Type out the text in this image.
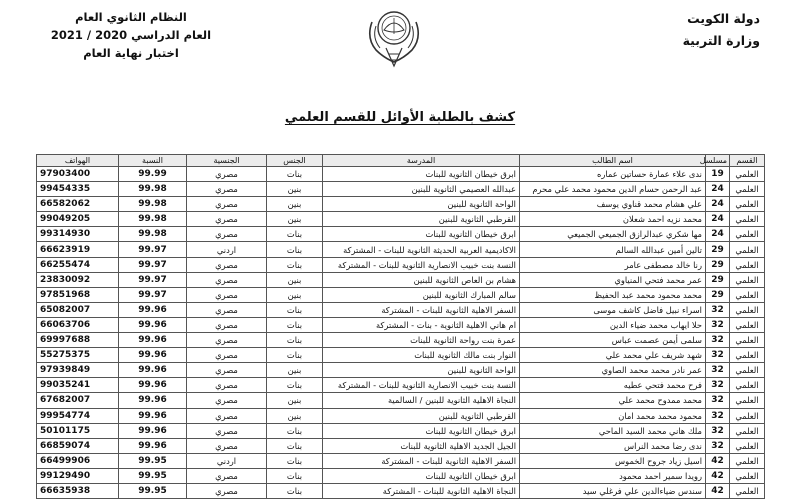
النظام الثانوي العام
العام الدراسي 2020 / 2021
اختبار نهاية العام
دولة الكويت
وزارة التربية
كشف بالطلبة الأوائل للقسم العلمي
القسم	مسلسل	اسم الطالب	المدرسة	الجنس	الجنسية	النسبة	الهواتف
العلمي	19	ندى علاء عمارة حساتين عماره	ابرق خيطان الثانوية للبنات	بنات	مصري	99.99	97903400
العلمي	24	عبد الرحمن حسام الدين محمود محمد علي محرم	عبدالله العصيمي الثانوية للبنين	بنين	مصري	99.98	99454335
العلمي	24	علي هشام محمد قناوي يوسف	الواحة الثانوية للبنين	بنين	مصري	99.98	66582062
العلمي	24	محمد نزيه احمد شعلان	القرطبي الثانوية للبنين	بنين	مصري	99.98	99049205
العلمي	24	مها شكري عبدالرازق الجميعي الجميعي	ابرق خيطان الثانوية للبنات	بنات	مصري	99.98	99314930
العلمي	29	تالين أمين عبدالله السالم	الاكاديمية العربية الحديثة الثانوية للبنات - المشتركة	بنات	اردني	99.97	66623919
العلمي	29	رنا خالد مصطفى عامر	النسة بنت خبيب الانصارية الثانوية للبنات - المشتركة	بنات	مصري	99.97	66255474
العلمي	29	عمر محمد فتحي المنياوي	هشام بن العاص الثانوية للبنين	بنين	مصري	99.97	23830092
العلمي	29	محمد محمود محمد عبد الحفيظ	سالم المبارك الثانوية للبنين	بنين	مصري	99.97	97851968
العلمي	32	اسراء نبيل فاضل كاشف موسى	السفر الاهلية الثانوية للبنات - المشتركة	بنات	مصري	99.96	65082007
العلمي	32	حلا ايهاب محمد ضياء الدين	ام هاني الاهلية الثانوية - بنات - المشتركة	بنات	مصري	99.96	66063706
العلمي	32	سلمى أيمن عصمت عباس	عمرة بنت رواحة الثانوية للبنات	بنات	مصري	99.96	69997688
العلمي	32	شهد شريف علي محمد علي	النوار بنت مالك الثانوية للبنات	بنات	مصري	99.96	55275375
العلمي	32	عمر نادر محمد محمد الصاوي	الواحة الثانوية للبنين	بنين	مصري	99.96	97939849
العلمي	32	فرح محمد فتحي عطيه	النسة بنت خبيب الانصارية الثانوية للبنات - المشتركة	بنات	مصري	99.96	99035241
العلمي	32	محمد ممدوح محمد علي	النجاة الاهلية الثانوية للبنين / السالمية	بنين	مصري	99.96	67682007
العلمي	32	محمود محمد محمد امان	القرطبي الثانوية للبنين	بنين	مصري	99.96	99954774
العلمي	32	ملك هاني محمد السيد الماحي	ابرق خيطان الثانوية للبنات	بنات	مصري	99.96	50101175
العلمي	32	ندى رضا محمد النراس	الجيل الجديد الاهلية الثانوية للبنات	بنات	مصري	99.96	66859074
العلمي	42	اسيل زياد جروح الخموس	السفر الاهلية الثانوية للبنات - المشتركة	بنات	اردني	99.95	66499906
العلمي	42	رويدا سمير احمد محمود	ابرق خيطان الثانوية للبنات	بنات	مصري	99.95	99129490
العلمي	42	سندس ضياءالدين علي فرغلي سيد	النجاة الاهلية الثانوية للبنات - المشتركة	بنات	مصري	99.95	66635938
